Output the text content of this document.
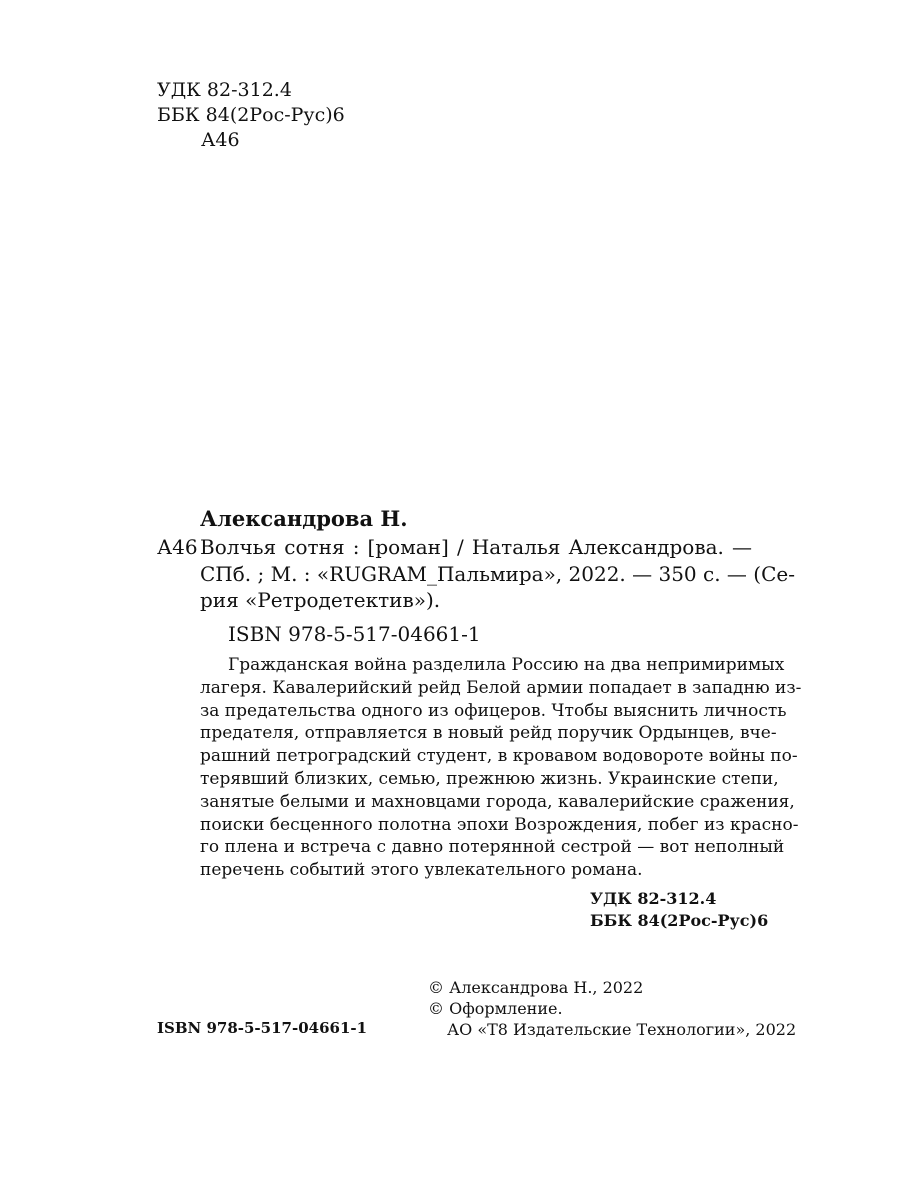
УДК 82-312.4
ББК 84(2Рос-Рус)6
А46
Александрова Н.
А46 Волчья сотня : [роман] / Наталья Александрова. —
СПб. ; М. : «RUGRAM_Пальмира», 2022. — 350 с. — (Се-
рия «Ретродетектив»).
ISBN 978-5-517-04661-1
Гражданская война разделила Россию на два непримиримых
лагеря. Кавалерийский рейд Белой армии попадает в западню из-
за предательства одного из офицеров. Чтобы выяснить личность
предателя, отправляется в новый рейд поручик Ордынцев, вче-
рашний петроградский студент, в кровавом водовороте войны по-
терявший близких, семью, прежнюю жизнь. Украинские степи,
занятые белыми и махновцами города, кавалерийские сражения,
поиски бесценного полотна эпохи Возрождения, побег из красно-
го плена и встреча с давно потерянной сестрой — вот неполный
перечень событий этого увлекательного романа.
УДК 82-312.4
ББК 84(2Рос-Рус)6
© Александрова Н., 2022
© Оформление.
АО «Т8 Издательские Технологии», 2022
ISBN 978-5-517-04661-1
